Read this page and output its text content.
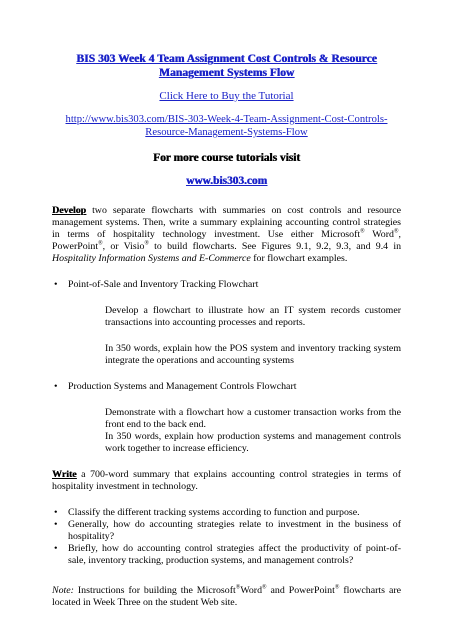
BIS 303 Week 4 Team Assignment Cost Controls & Resource Management Systems Flow
Click Here to Buy the Tutorial
http://www.bis303.com/BIS-303-Week-4-Team-Assignment-Cost-Controls-Resource-Management-Systems-Flow
For more course tutorials visit
www.bis303.com

Develop two separate flowcharts with summaries on cost controls and resource management systems. Then, write a summary explaining accounting control strategies in terms of hospitality technology investment. Use either Microsoft® Word®, PowerPoint®, or Visio® to build flowcharts. See Figures 9.1, 9.2, 9.3, and 9.4 in Hospitality Information Systems and E-Commerce for flowchart examples.

•	Point-of-Sale and Inventory Tracking Flowchart

Develop a flowchart to illustrate how an IT system records customer transactions into accounting processes and reports.

In 350 words, explain how the POS system and inventory tracking system integrate the operations and accounting systems

•	Production Systems and Management Controls Flowchart

Demonstrate with a flowchart how a customer transaction works from the front end to the back end.

In 350 words, explain how production systems and management controls work together to increase efficiency.

Write a 700-word summary that explains accounting control strategies in terms of hospitality investment in technology.

•	Classify the different tracking systems according to function and purpose.
•	Generally, how do accounting strategies relate to investment in the business of hospitality?
•	Briefly, how do accounting control strategies affect the productivity of point-of-sale, inventory tracking, production systems, and management controls?

Note: Instructions for building the Microsoft®Word® and PowerPoint® flowcharts are located in Week Three on the student Web site.
